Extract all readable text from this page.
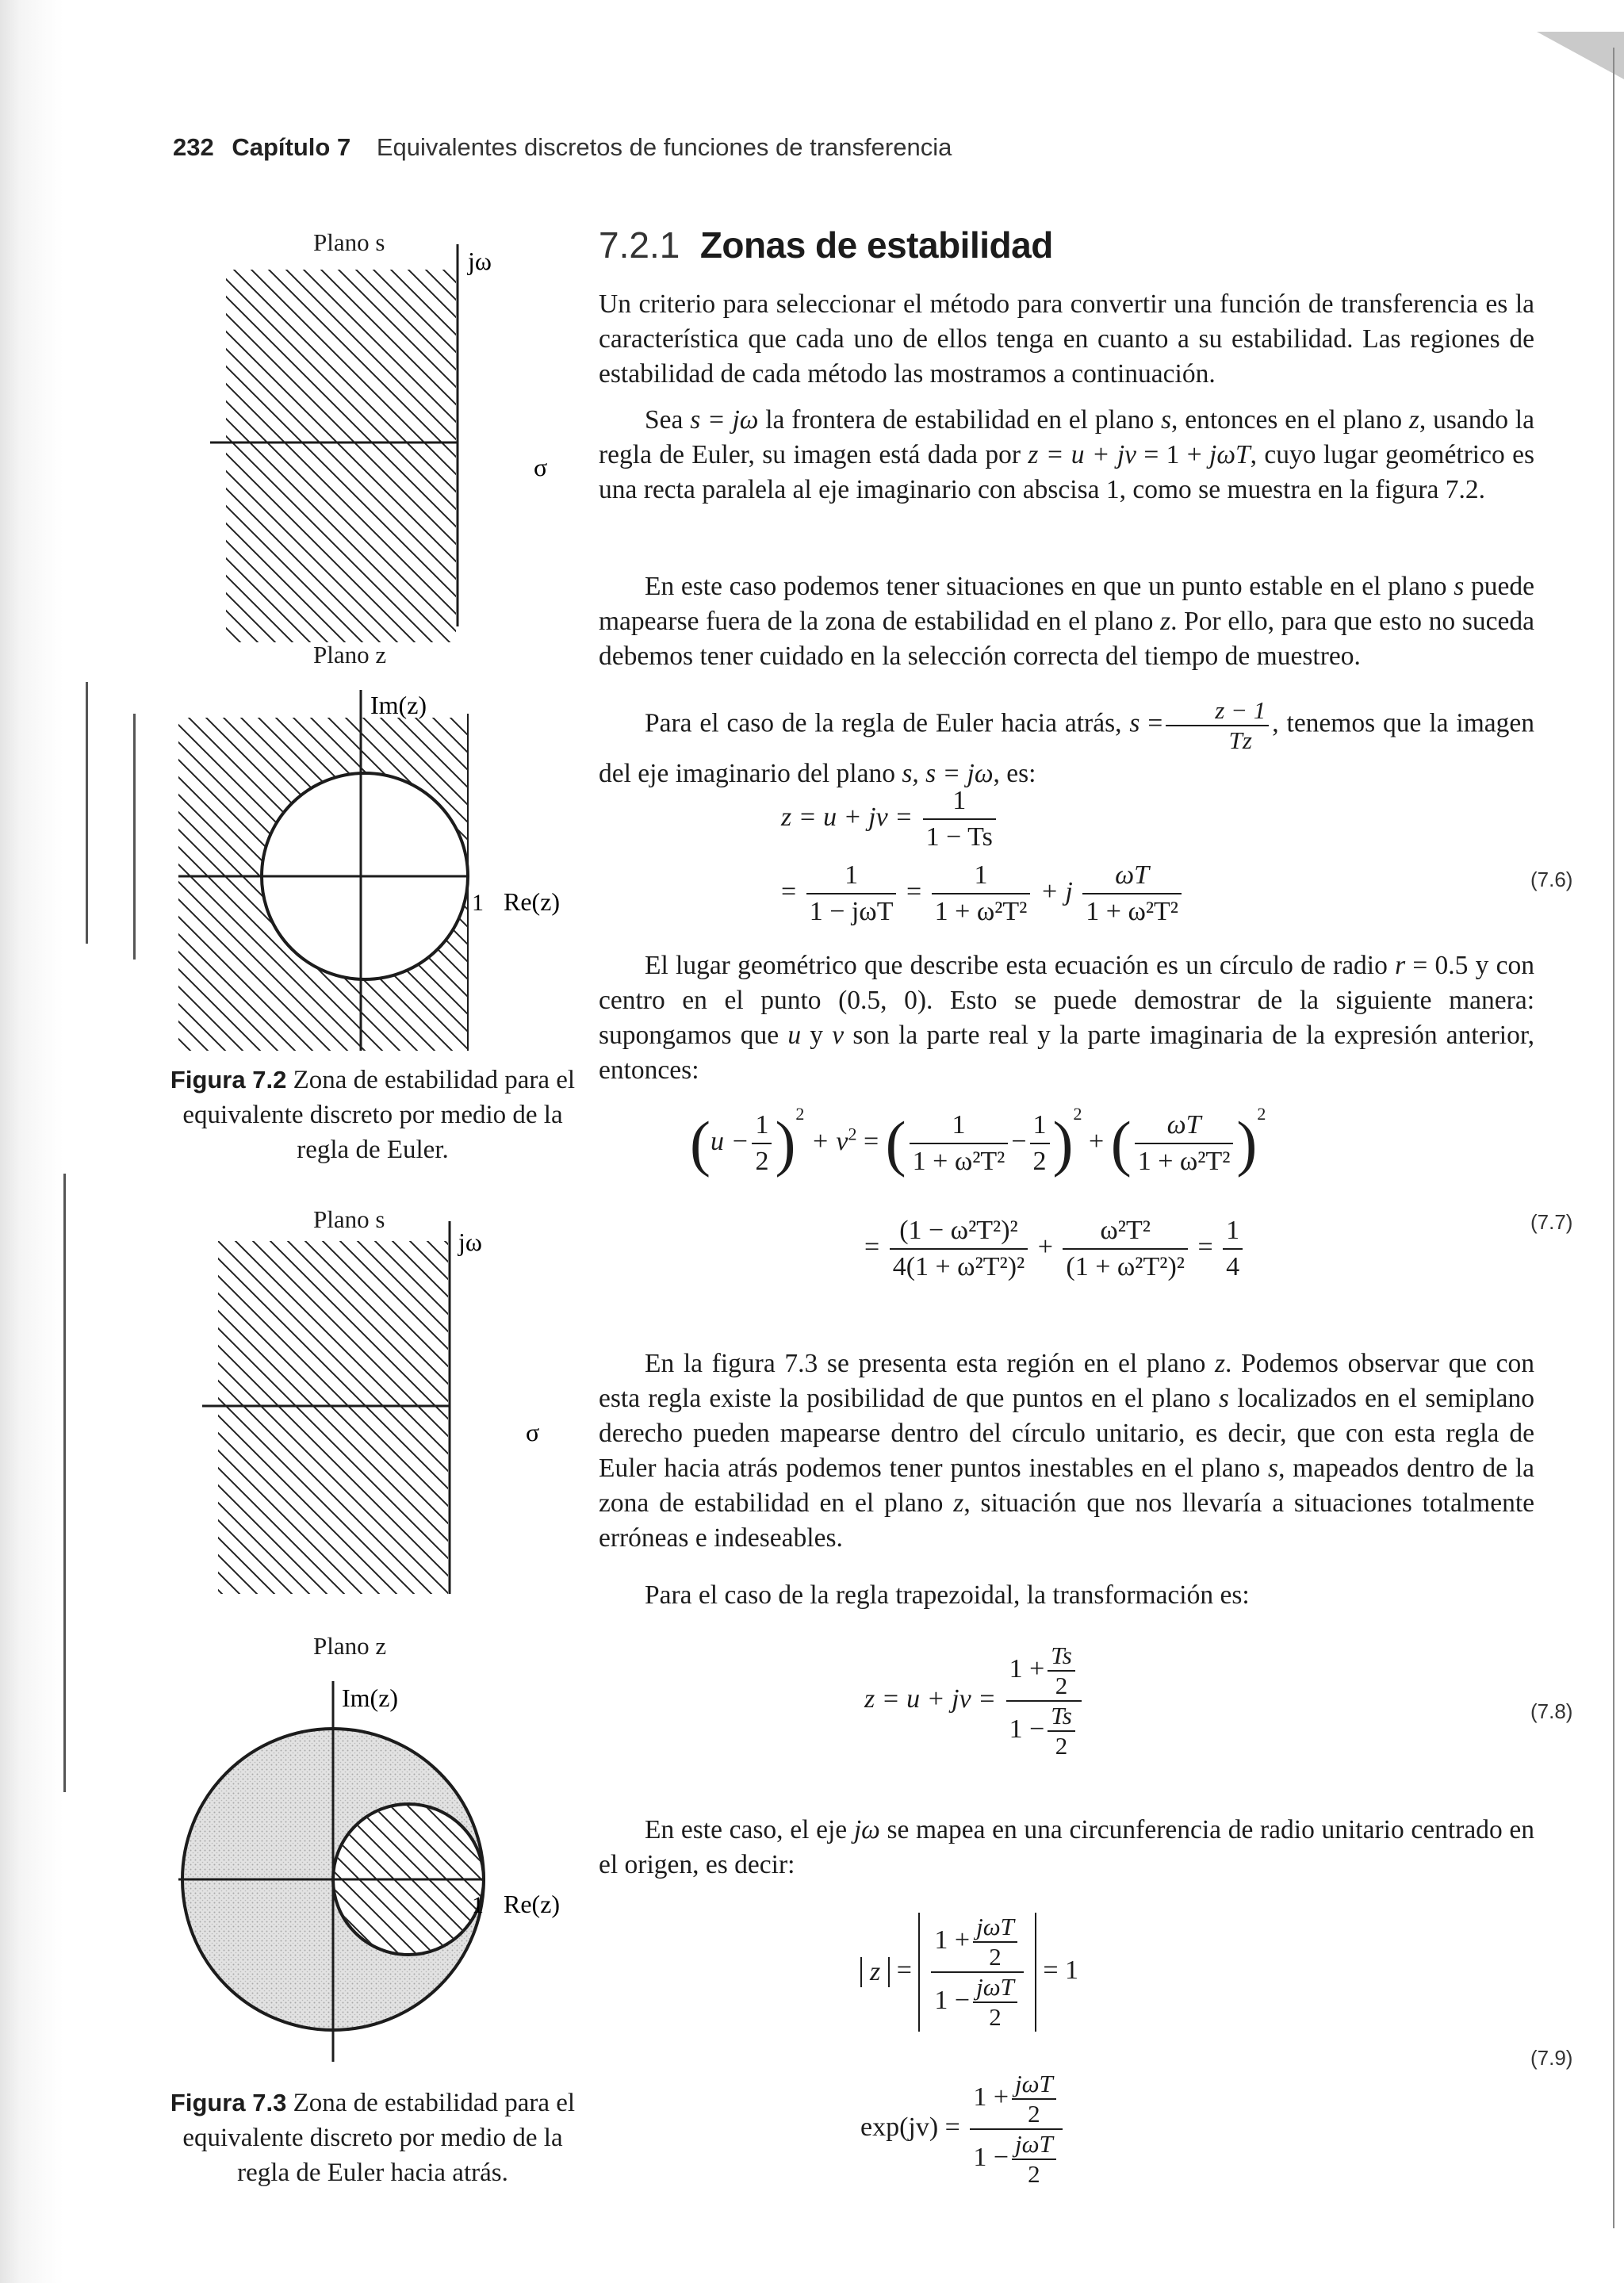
232 Capítulo 7 Equivalentes discretos de funciones de transferencia
Plano s
jω
σ
Plano z
Im(z)
1 Re(z)
Figura 7.2 Zona de estabilidad para el equivalente discreto por medio de la regla de Euler.
Plano s
jω
σ
Plano z
Im(z)
1 Re(z)
Figura 7.3 Zona de estabilidad para el equivalente discreto por medio de la regla de Euler hacia atrás.
7.2.1 Zonas de estabilidad
Un criterio para seleccionar el método para convertir una función de transferencia es la característica que cada uno de ellos tenga en cuanto a su estabilidad. Las regiones de estabilidad de cada método las mostramos a continuación.
Sea s = jω la frontera de estabilidad en el plano s, entonces en el plano z, usando la regla de Euler, su imagen está dada por z = u + jv = 1 + jωT, cuyo lugar geométrico es una recta paralela al eje imaginario con abscisa 1, como se muestra en la figura 7.2.
En este caso podemos tener situaciones en que un punto estable en el plano s puede mapearse fuera de la zona de estabilidad en el plano z. Por ello, para que esto no suceda debemos tener cuidado en la selección correcta del tiempo de muestreo.
Para el caso de la regla de Euler hacia atrás, $s = \frac{z - 1}{Tz}$ , tenemos que la imagen del eje imaginario del plano s, s = jω, es:
z = u + jv = $\frac{1}{1 - Ts}$
= $\frac{1}{\text{1 − jωT}} = \frac{1}{\text{1 + ω²T²}} + j \frac{\omega T}{\text{1 + ω²T²}}$	(7.6)
El lugar geométrico que describe esta ecuación es un círculo de radio r = 0.5 y con centro en el punto (0.5, 0). Esto se puede demostrar de la siguiente manera: supongamos que u y v son la parte real y la parte imaginaria de la expresión anterior, entonces:
$(u - \frac{1}{2} )^2 + v^2$ = ( $\frac{1}{\text{1 + ω²T²}} - \frac{1}{2} )^2$ + ( $\frac{\omega T}{\text{1 + ω²T²}} )^2$
= $\frac{\text{(1 − ω²T²)²}}{\text{4(1 + ω²T²)²}} + \frac{\text{ω²T²}}{\text{(1 + ω²T²)²}} = \frac{1}{4}$	(7.7)
En la figura 7.3 se presenta esta región en el plano z. Podemos observar que con esta regla existe la posibilidad de que puntos en el plano s localizados en el semiplano derecho pueden mapearse dentro del círculo unitario, es decir, que con esta regla de Euler hacia atrás podemos tener puntos inestables en el plano s, mapeados dentro de la zona de estabilidad en el plano z, situación que nos llevaría a situaciones totalmente erróneas e indeseables.
Para el caso de la regla trapezoidal, la transformación es:
z = u + jv = $\frac{1 + \frac{Ts}{2}}{1 - \frac{Ts}{2}}$	(7.8)
En este caso, el eje jω se mapea en una circunferencia de radio unitario centrado en el origen, es decir:
$z = \frac{1 + \frac{\text{jωT}}{2}}{1 - \frac{\text{jωT}}{2}} = 1$
$\exp(jv) = \frac{1 + \frac{\text{jωT}}{2}}{1 - \frac{\text{jωT}}{2}}$
(7.9)
